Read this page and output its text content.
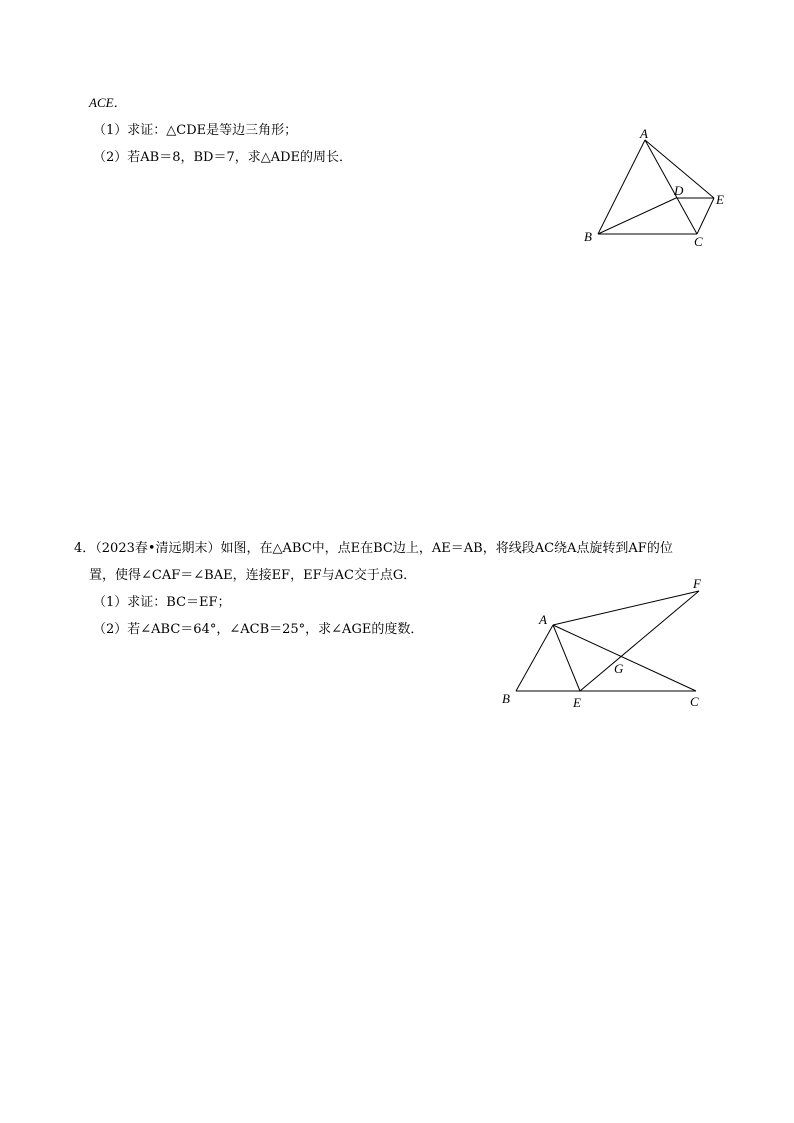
ACE．
（1）求证：△CDE是等边三角形；
（2）若AB＝8，BD＝7，求△ADE的周长．
A
B	C
D
E
4．（2023春•清远期末）如图，在△ABC中，点E在BC边上，AE＝AB，将线段AC绕A点旋转到AF的位
置，使得∠CAF＝∠BAE，连接EF，EF与AC交于点G．
（1）求证：BC＝EF；
（2）若∠ABC＝64°，∠ACB＝25°，求∠AGE的度数．
A
B	C
E
F
G
